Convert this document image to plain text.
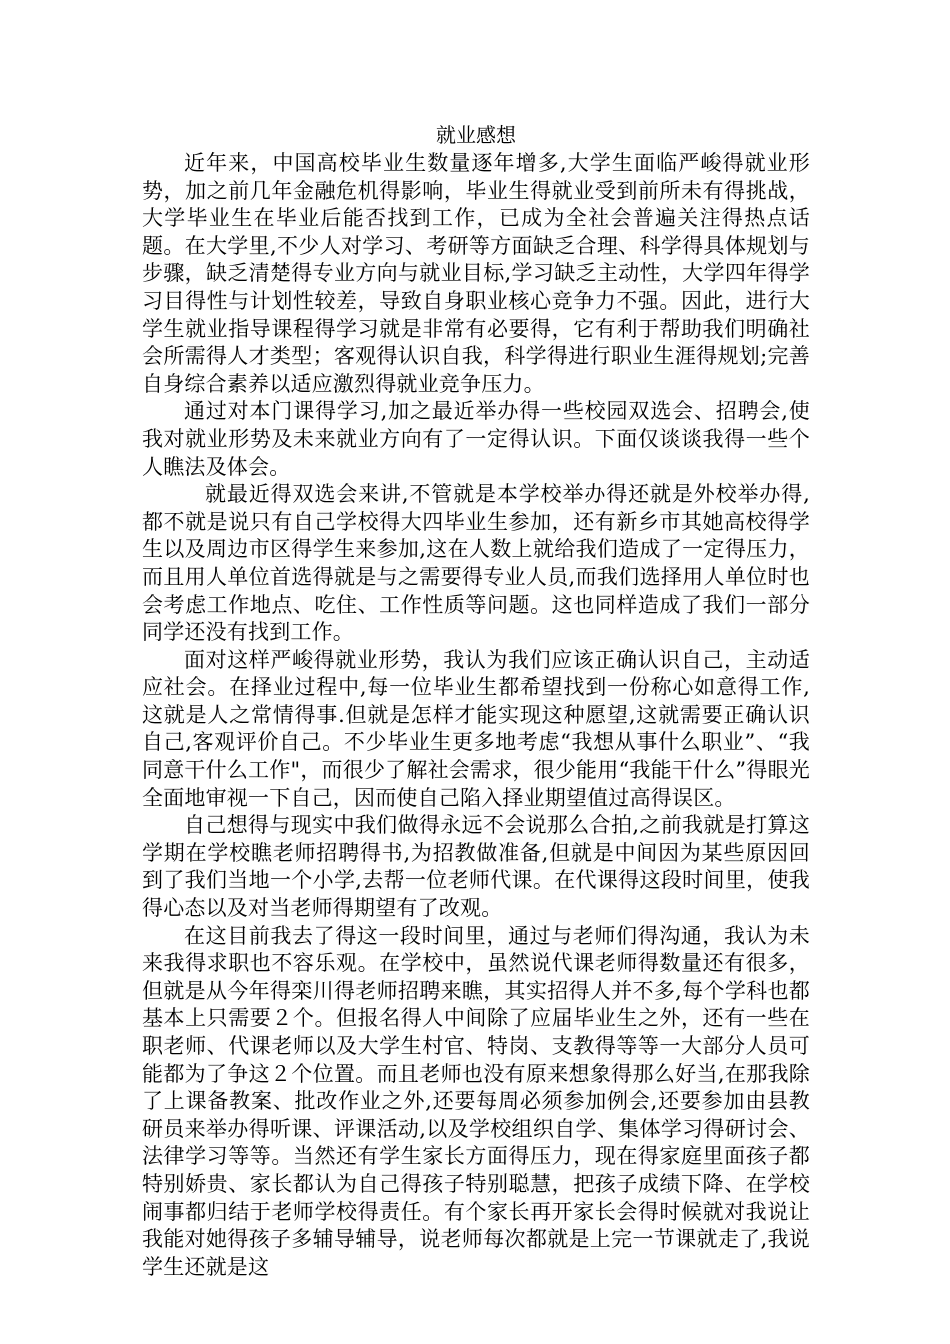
就业感想

近年来，中国高校毕业生数量逐年增多,大学生面临严峻得就业形势，加之前几年金融危机得影响，毕业生得就业受到前所未有得挑战，大学毕业生在毕业后能否找到工作，已成为全社会普遍关注得热点话题。在大学里,不少人对学习、考研等方面缺乏合理、科学得具体规划与步骤，缺乏清楚得专业方向与就业目标,学习缺乏主动性，大学四年得学习目得性与计划性较差，导致自身职业核心竞争力不强。因此，进行大学生就业指导课程得学习就是非常有必要得，它有利于帮助我们明确社会所需得人才类型；客观得认识自我，科学得进行职业生涯得规划;完善自身综合素养以适应激烈得就业竞争压力。

通过对本门课得学习,加之最近举办得一些校园双选会、招聘会,使我对就业形势及未来就业方向有了一定得认识。下面仅谈谈我得一些个人瞧法及体会。

就最近得双选会来讲,不管就是本学校举办得还就是外校举办得,都不就是说只有自己学校得大四毕业生参加，还有新乡市其她高校得学生以及周边市区得学生来参加,这在人数上就给我们造成了一定得压力，而且用人单位首选得就是与之需要得专业人员,而我们选择用人单位时也会考虑工作地点、吃住、工作性质等问题。这也同样造成了我们一部分同学还没有找到工作。

面对这样严峻得就业形势，我认为我们应该正确认识自己，主动适应社会。在择业过程中,每一位毕业生都希望找到一份称心如意得工作,这就是人之常情得事.但就是怎样才能实现这种愿望,这就需要正确认识自己,客观评价自己。不少毕业生更多地考虑“我想从事什么职业”、“我同意干什么工作"，而很少了解社会需求，很少能用“我能干什么”得眼光全面地审视一下自己，因而使自己陷入择业期望值过高得误区。

自己想得与现实中我们做得永远不会说那么合拍,之前我就是打算这学期在学校瞧老师招聘得书,为招教做准备,但就是中间因为某些原因回到了我们当地一个小学,去帮一位老师代课。在代课得这段时间里，使我得心态以及对当老师得期望有了改观。

在这目前我去了得这一段时间里，通过与老师们得沟通，我认为未来我得求职也不容乐观。在学校中，虽然说代课老师得数量还有很多，但就是从今年得栾川得老师招聘来瞧，其实招得人并不多,每个学科也都基本上只需要２个。但报名得人中间除了应届毕业生之外，还有一些在职老师、代课老师以及大学生村官、特岗、支教得等等一大部分人员可能都为了争这２个位置。而且老师也没有原来想象得那么好当,在那我除了上课备教案、批改作业之外,还要每周必须参加例会,还要参加由县教研员来举办得听课、评课活动,以及学校组织自学、集体学习得研讨会、法律学习等等。当然还有学生家长方面得压力，现在得家庭里面孩子都特别娇贵、家长都认为自己得孩子特别聪慧，把孩子成绩下降、在学校闹事都归结于老师学校得责任。有个家长再开家长会得时候就对我说让我能对她得孩子多辅导辅导，说老师每次都就是上完一节课就走了,我说学生还就是这
